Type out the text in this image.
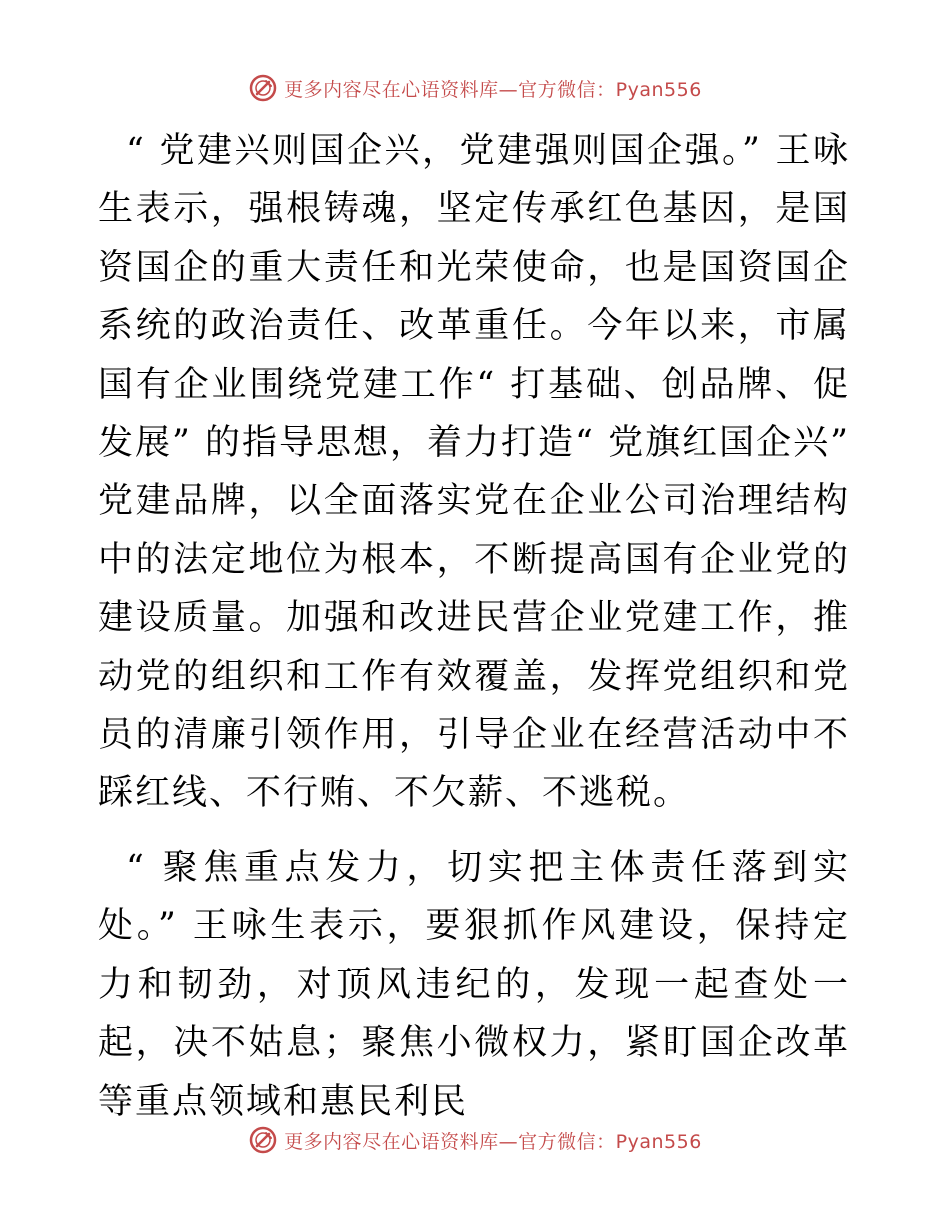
更多内容尽在心语资料库—官方微信：Pyan556

“ 党建兴则国企兴，党建强则国企强。” 王咏生表示，强根铸魂，坚定传承红色基因，是国资国企的重大责任和光荣使命，也是国资国企系统的政治责任、改革重任。今年以来，市属国有企业围绕党建工作“ 打基础、创品牌、促发展” 的指导思想，着力打造“ 党旗红国企兴” 党建品牌，以全面落实党在企业公司治理结构中的法定地位为根本，不断提高国有企业党的建设质量。加强和改进民营企业党建工作，推动党的组织和工作有效覆盖，发挥党组织和党员的清廉引领作用，引导企业在经营活动中不踩红线、不行贿、不欠薪、不逃税。

“ 聚焦重点发力，切实把主体责任落到实处。” 王咏生表示，要狠抓作风建设，保持定力和韧劲，对顶风违纪的，发现一起查处一起，决不姑息；聚焦小微权力，紧盯国企改革等重点领域和惠民利民

更多内容尽在心语资料库—官方微信：Pyan556
